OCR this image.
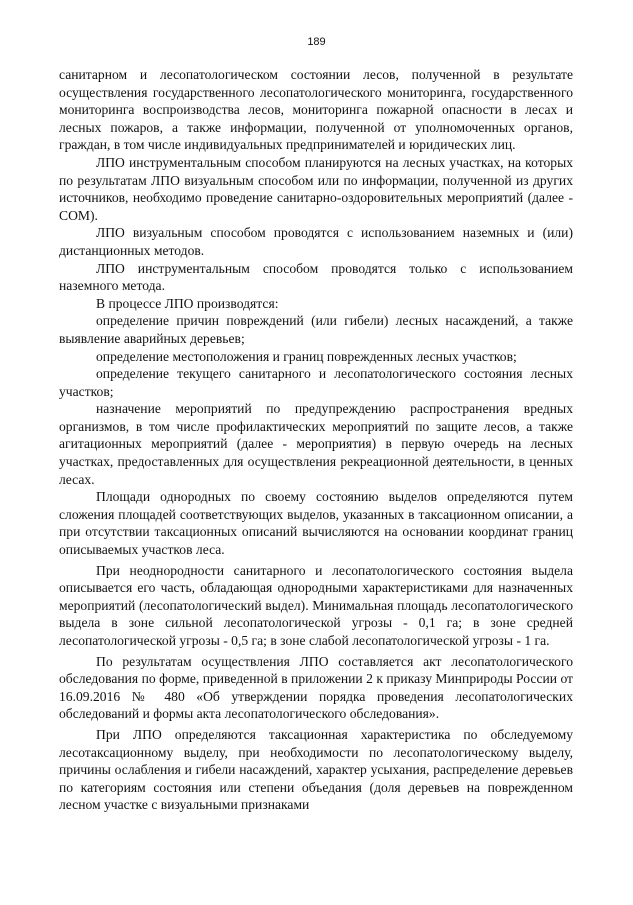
189

санитарном и лесопатологическом состоянии лесов, полученной в результате осуществления государственного лесопатологического мониторинга, государственного мониторинга воспроизводства лесов, мониторинга пожарной опасности в лесах и лесных пожаров, а также информации, полученной от уполномоченных органов, граждан, в том числе индивидуальных предпринимателей и юридических лиц.

ЛПО инструментальным способом планируются на лесных участках, на которых по результатам ЛПО визуальным способом или по информации, полученной из других источников, необходимо проведение санитарно-оздоровительных мероприятий (далее - СОМ).

ЛПО визуальным способом проводятся с использованием наземных и (или) дистанционных методов.

ЛПО инструментальным способом проводятся только с использованием наземного метода.

В процессе ЛПО производятся:

определение причин повреждений (или гибели) лесных насаждений, а также выявление аварийных деревьев;

определение местоположения и границ поврежденных лесных участков;

определение текущего санитарного и лесопатологического состояния лесных участков;

назначение мероприятий по предупреждению распространения вредных организмов, в том числе профилактических мероприятий по защите лесов, а также агитационных мероприятий (далее - мероприятия) в первую очередь на лесных участках, предоставленных для осуществления рекреационной деятельности, в ценных лесах.

Площади однородных по своему состоянию выделов определяются путем сложения площадей соответствующих выделов, указанных в таксационном описании, а при отсутствии таксационных описаний вычисляются на основании координат границ описываемых участков леса.

При неоднородности санитарного и лесопатологического состояния выдела описывается его часть, обладающая однородными характеристиками для назначенных мероприятий (лесопатологический выдел). Минимальная площадь лесопатологического выдела в зоне сильной лесопатологической угрозы - 0,1 га; в зоне средней лесопатологической угрозы - 0,5 га; в зоне слабой лесопатологической угрозы - 1 га.

По результатам осуществления ЛПО составляется акт лесопатологического обследования по форме, приведенной в приложении 2 к приказу Минприроды России от 16.09.2016 № 480 «Об утверждении порядка проведения лесопатологических обследований и формы акта лесопатологического обследования».

При ЛПО определяются таксационная характеристика по обследуемому лесотаксационному выделу, при необходимости по лесопатологическому выделу, причины ослабления и гибели насаждений, характер усыхания, распределение деревьев по категориям состояния или степени объедания (доля деревьев на поврежденном лесном участке с визуальными признаками
